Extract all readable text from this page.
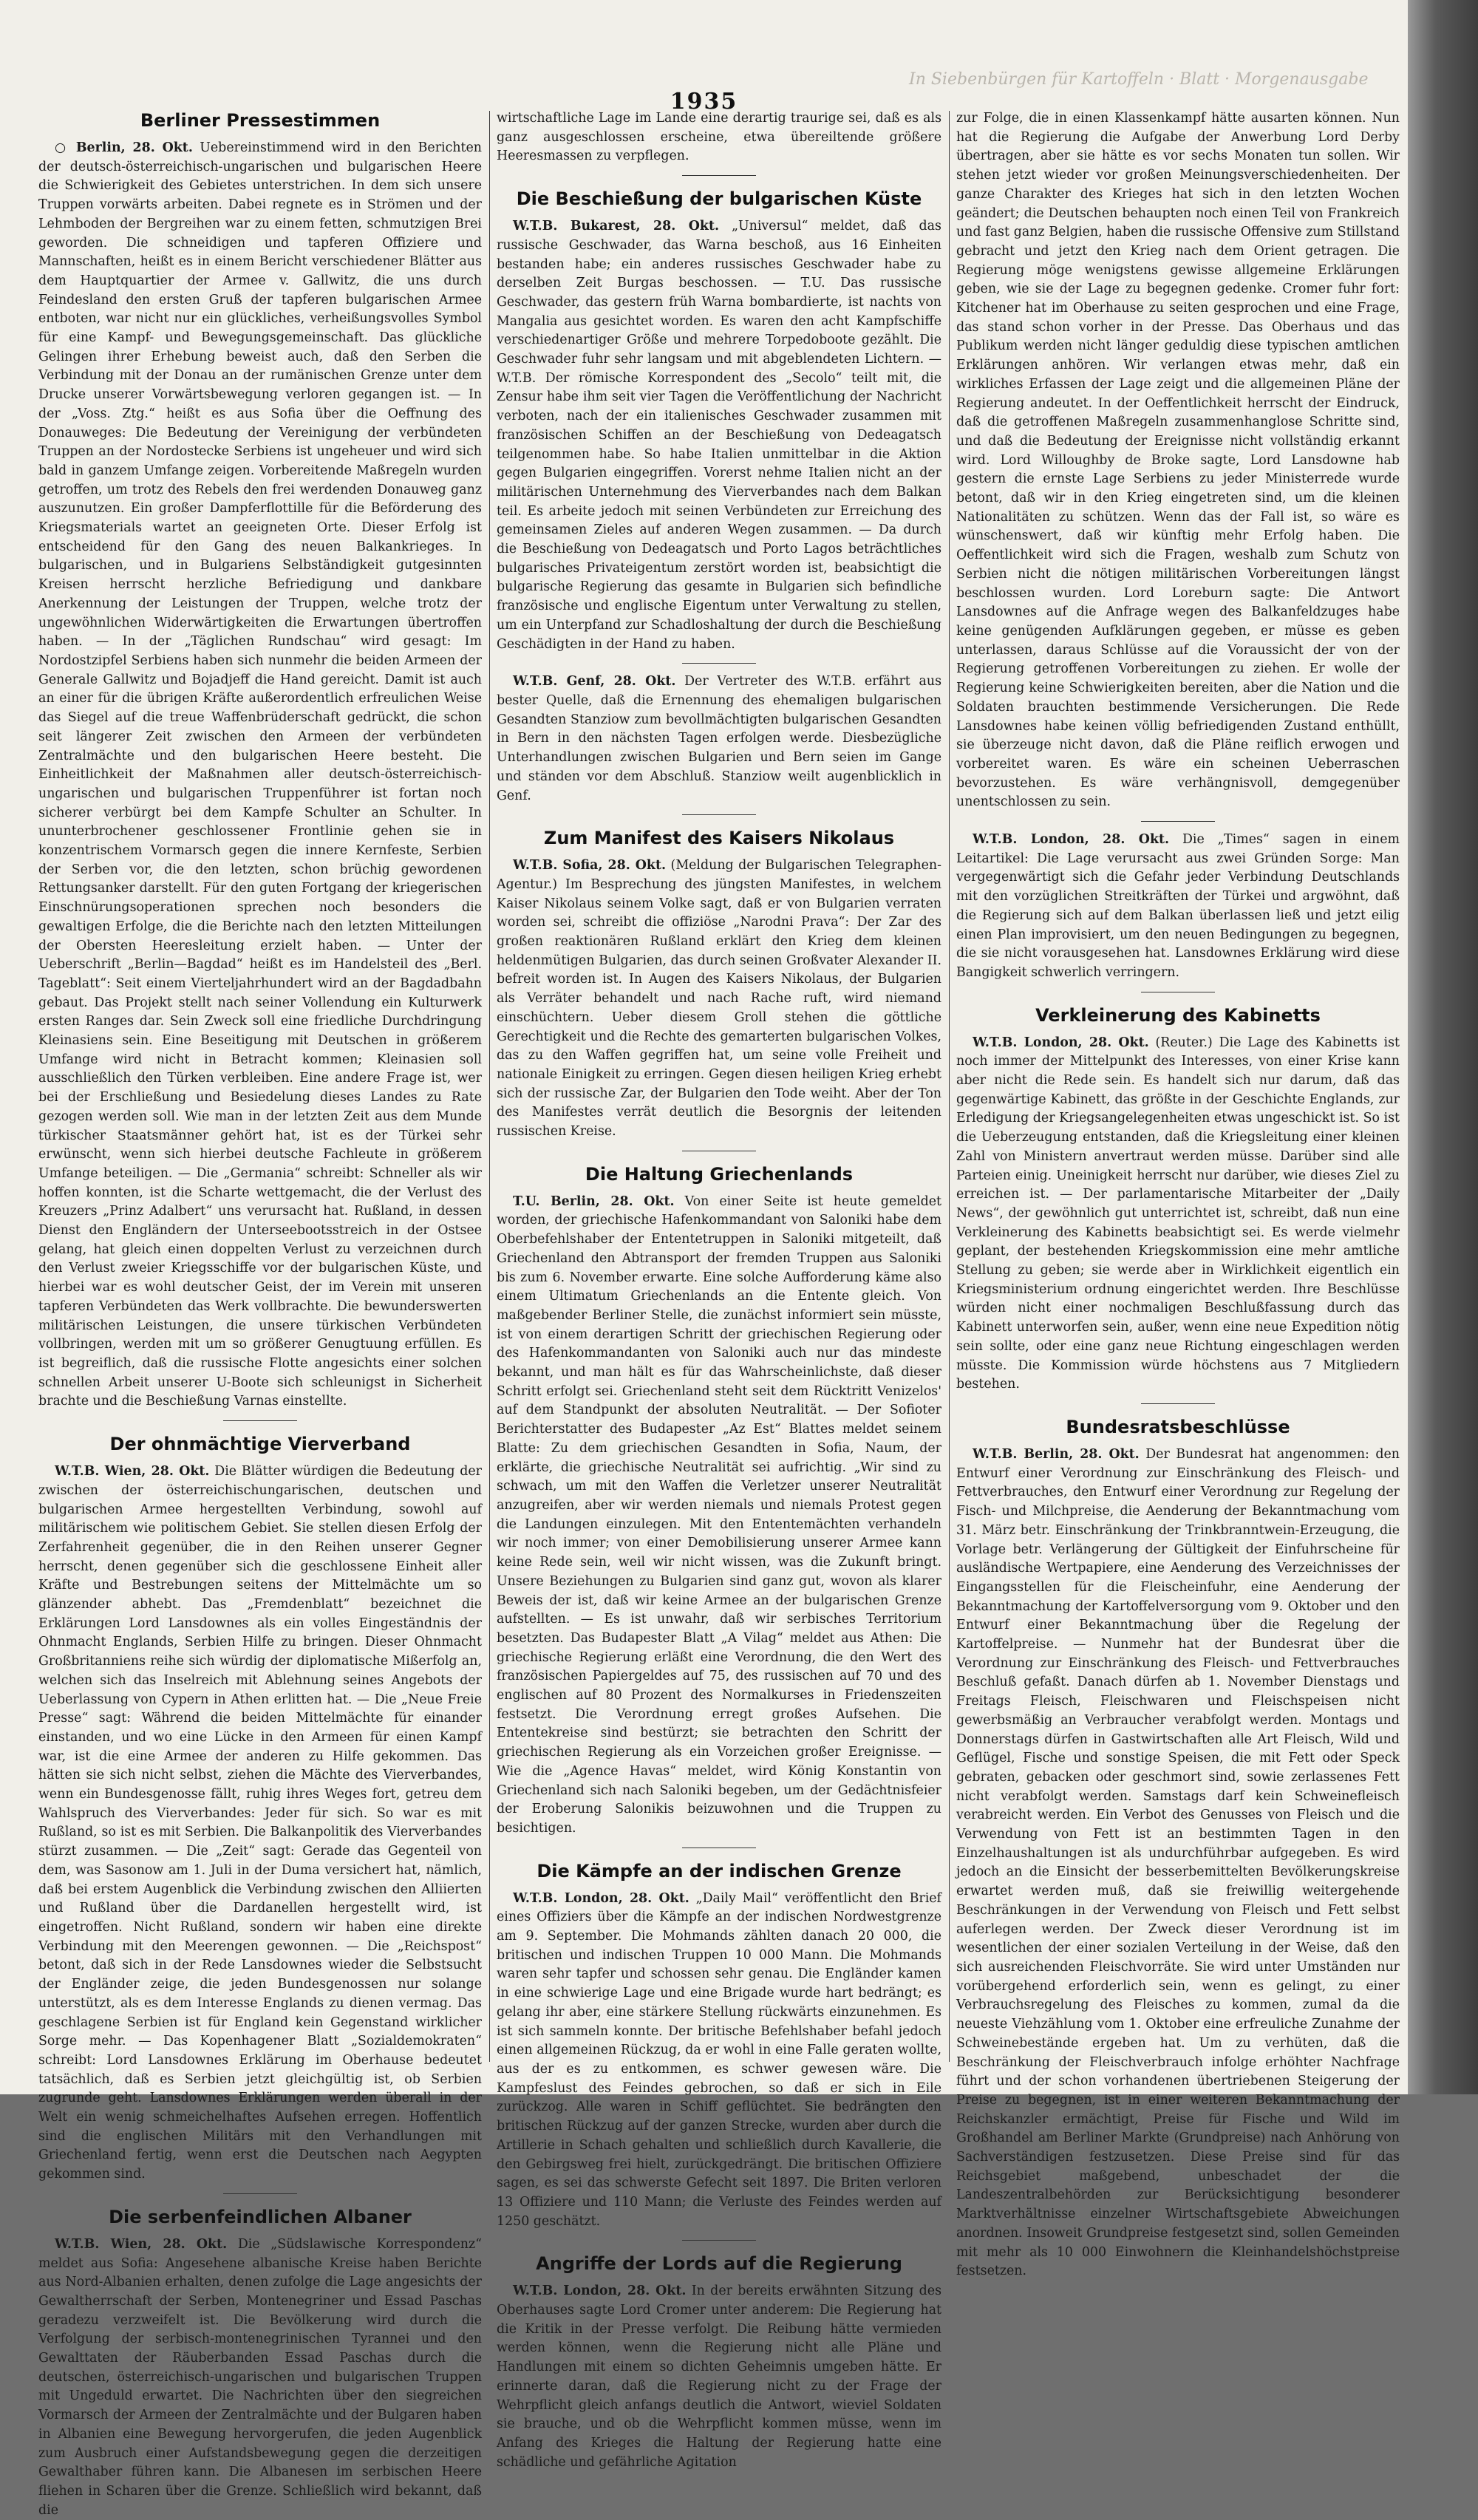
In Siebenbürgen für Kartoffeln · Blatt · Morgenausgabe
1935
Berliner Pressestimmen

○ Berlin, 28. Okt. Uebereinstimmend wird in den Berichten der deutsch-österreichisch-ungarischen und bulgarischen Heere die Schwierigkeit des Gebietes unterstrichen. In dem sich unsere Truppen vorwärts arbeiten. Dabei regnete es in Strömen und der Lehmboden der Bergreihen war zu einem fetten, schmutzigen Brei geworden. Die schneidigen und tapferen Offiziere und Mannschaften, heißt es in einem Bericht verschiedener Blätter aus dem Hauptquartier der Armee v. Gallwitz, die uns durch Feindesland den ersten Gruß der tapferen bulgarischen Armee entboten, war nicht nur ein glückliches, verheißungsvolles Symbol für eine Kampf- und Bewegungsgemeinschaft. Das glückliche Gelingen ihrer Erhebung beweist auch, daß den Serben die Verbindung mit der Donau an der rumänischen Grenze unter dem Drucke unserer Vorwärtsbewegung verloren gegangen ist. — In der „Voss. Ztg.“ heißt es aus Sofia über die Oeffnung des Donauweges: Die Bedeutung der Vereinigung der verbündeten Truppen an der Nordostecke Serbiens ist ungeheuer und wird sich bald in ganzem Umfange zeigen. Vorbereitende Maßregeln wurden getroffen, um trotz des Rebels den frei werdenden Donauweg ganz auszunutzen. Ein großer Dampferflottille für die Beförderung des Kriegsmaterials wartet an geeigneten Orte. Dieser Erfolg ist entscheidend für den Gang des neuen Balkankrieges. In bulgarischen, und in Bulgariens Selbständigkeit gutgesinnten Kreisen herrscht herzliche Befriedigung und dankbare Anerkennung der Leistungen der Truppen, welche trotz der ungewöhnlichen Widerwärtigkeiten die Erwartungen übertroffen haben. — In der „Täglichen Rundschau“ wird gesagt: Im Nordostzipfel Serbiens haben sich nunmehr die beiden Armeen der Generale Gallwitz und Bojadjeff die Hand gereicht. Damit ist auch an einer für die übrigen Kräfte außerordentlich erfreulichen Weise das Siegel auf die treue Waffenbrüderschaft gedrückt, die schon seit längerer Zeit zwischen den Armeen der verbündeten Zentralmächte und den bulgarischen Heere besteht. Die Einheitlichkeit der Maßnahmen aller deutsch-österreichisch-ungarischen und bulgarischen Truppenführer ist fortan noch sicherer verbürgt bei dem Kampfe Schulter an Schulter. In ununterbrochener geschlossener Frontlinie gehen sie in konzentrischem Vormarsch gegen die innere Kernfeste, Serbien der Serben vor, die den letzten, schon brüchig gewordenen Rettungsanker darstellt. Für den guten Fortgang der kriegerischen Einschnürungsoperationen sprechen noch besonders die gewaltigen Erfolge, die die Berichte nach den letzten Mitteilungen der Obersten Heeresleitung erzielt haben. — Unter der Ueberschrift „Berlin—Bagdad“ heißt es im Handelsteil des „Berl. Tageblatt“: Seit einem Vierteljahrhundert wird an der Bagdadbahn gebaut. Das Projekt stellt nach seiner Vollendung ein Kulturwerk ersten Ranges dar. Sein Zweck soll eine friedliche Durchdringung Kleinasiens sein. Eine Beseitigung mit Deutschen in größerem Umfange wird nicht in Betracht kommen; Kleinasien soll ausschließlich den Türken verbleiben. Eine andere Frage ist, wer bei der Erschließung und Besiedelung dieses Landes zu Rate gezogen werden soll. Wie man in der letzten Zeit aus dem Munde türkischer Staatsmänner gehört hat, ist es der Türkei sehr erwünscht, wenn sich hierbei deutsche Fachleute in größerem Umfange beteiligen. — Die „Germania“ schreibt: Schneller als wir hoffen konnten, ist die Scharte wettgemacht, die der Verlust des Kreuzers „Prinz Adalbert“ uns verursacht hat. Rußland, in dessen Dienst den Engländern der Unterseebootsstreich in der Ostsee gelang, hat gleich einen doppelten Verlust zu verzeichnen durch den Verlust zweier Kriegsschiffe vor der bulgarischen Küste, und hierbei war es wohl deutscher Geist, der im Verein mit unseren tapferen Verbündeten das Werk vollbrachte. Die bewunderswerten militärischen Leistungen, die unsere türkischen Verbündeten vollbringen, werden mit um so größerer Genugtuung erfüllen. Es ist begreiflich, daß die russische Flotte angesichts einer solchen schnellen Arbeit unserer U-Boote sich schleunigst in Sicherheit brachte und die Beschießung Varnas einstellte.

Der ohnmächtige Vierverband

W.T.B. Wien, 28. Okt. Die Blätter würdigen die Bedeutung der zwischen der österreichischungarischen, deutschen und bulgarischen Armee hergestellten Verbindung, sowohl auf militärischem wie politischem Gebiet. Sie stellen diesen Erfolg der Zerfahrenheit gegenüber, die in den Reihen unserer Gegner herrscht, denen gegenüber sich die geschlossene Einheit aller Kräfte und Bestrebungen seitens der Mittelmächte um so glänzender abhebt. Das „Fremdenblatt“ bezeichnet die Erklärungen Lord Lansdownes als ein volles Eingeständnis der Ohnmacht Englands, Serbien Hilfe zu bringen. Dieser Ohnmacht Großbritanniens reihe sich würdig der diplomatische Mißerfolg an, welchen sich das Inselreich mit Ablehnung seines Angebots der Ueberlassung von Cypern in Athen erlitten hat. — Die „Neue Freie Presse“ sagt: Während die beiden Mittelmächte für einander einstanden, und wo eine Lücke in den Armeen für einen Kampf war, ist die eine Armee der anderen zu Hilfe gekommen. Das hätten sie sich nicht selbst, ziehen die Mächte des Vierverbandes, wenn ein Bundesgenosse fällt, ruhig ihres Weges fort, getreu dem Wahlspruch des Vierverbandes: Jeder für sich. So war es mit Rußland, so ist es mit Serbien. Die Balkanpolitik des Vierverbandes stürzt zusammen. — Die „Zeit“ sagt: Gerade das Gegenteil von dem, was Sasonow am 1. Juli in der Duma versichert hat, nämlich, daß bei erstem Augenblick die Verbindung zwischen den Alliierten und Rußland über die Dardanellen hergestellt wird, ist eingetroffen. Nicht Rußland, sondern wir haben eine direkte Verbindung mit den Meerengen gewonnen. — Die „Reichspost“ betont, daß sich in der Rede Lansdownes wieder die Selbstsucht der Engländer zeige, die jeden Bundesgenossen nur solange unterstützt, als es dem Interesse Englands zu dienen vermag. Das geschlagene Serbien ist für England kein Gegenstand wirklicher Sorge mehr. — Das Kopenhagener Blatt „Sozialdemokraten“ schreibt: Lord Lansdownes Erklärung im Oberhause bedeutet tatsächlich, daß es Serbien jetzt gleichgültig ist, ob Serbien zugrunde geht. Lansdownes Erklärungen werden überall in der Welt ein wenig schmeichelhaftes Aufsehen erregen. Hoffentlich sind die englischen Militärs mit den Verhandlungen mit Griechenland fertig, wenn erst die Deutschen nach Aegypten gekommen sind.

Die serbenfeindlichen Albaner

W.T.B. Wien, 28. Okt. Die „Südslawische Korrespondenz“ meldet aus Sofia: Angesehene albanische Kreise haben Berichte aus Nord-Albanien erhalten, denen zufolge die Lage angesichts der Gewaltherrschaft der Serben, Montenegriner und Essad Paschas geradezu verzweifelt ist. Die Bevölkerung wird durch die Verfolgung der serbisch-montenegrinischen Tyrannei und den Gewalttaten der Räuberbanden Essad Paschas durch die deutschen, österreichisch-ungarischen und bulgarischen Truppen mit Ungeduld erwartet. Die Nachrichten über den siegreichen Vormarsch der Armeen der Zentralmächte und der Bulgaren haben in Albanien eine Bewegung hervorgerufen, die jeden Augenblick zum Ausbruch einer Aufstandsbewegung gegen die derzeitigen Gewalthaber führen kann. Die Albanesen im serbischen Heere fliehen in Scharen über die Grenze. Schließlich wird bekannt, daß die

wirtschaftliche Lage im Lande eine derartig traurige sei, daß es als ganz ausgeschlossen erscheine, etwa übereiltende größere Heeresmassen zu verpflegen.

Die Beschießung der bulgarischen Küste

W.T.B. Bukarest, 28. Okt. „Universul“ meldet, daß das russische Geschwader, das Warna beschoß, aus 16 Einheiten bestanden habe; ein anderes russisches Geschwader habe zu derselben Zeit Burgas beschossen. — T.U. Das russische Geschwader, das gestern früh Warna bombardierte, ist nachts von Mangalia aus gesichtet worden. Es waren den acht Kampfschiffe verschiedenartiger Größe und mehrere Torpedoboote gezählt. Die Geschwader fuhr sehr langsam und mit abgeblendeten Lichtern. — W.T.B. Der römische Korrespondent des „Secolo“ teilt mit, die Zensur habe ihm seit vier Tagen die Veröffentlichung der Nachricht verboten, nach der ein italienisches Geschwader zusammen mit französischen Schiffen an der Beschießung von Dedeagatsch teilgenommen habe. So habe Italien unmittelbar in die Aktion gegen Bulgarien eingegriffen. Vorerst nehme Italien nicht an der militärischen Unternehmung des Vierverbandes nach dem Balkan teil. Es arbeite jedoch mit seinen Verbündeten zur Erreichung des gemeinsamen Zieles auf anderen Wegen zusammen. — Da durch die Beschießung von Dedeagatsch und Porto Lagos beträchtliches bulgarisches Privateigentum zerstört worden ist, beabsichtigt die bulgarische Regierung das gesamte in Bulgarien sich befindliche französische und englische Eigentum unter Verwaltung zu stellen, um ein Unterpfand zur Schadloshaltung der durch die Beschießung Geschädigten in der Hand zu haben.

W.T.B. Genf, 28. Okt. Der Vertreter des W.T.B. erfährt aus bester Quelle, daß die Ernennung des ehemaligen bulgarischen Gesandten Stanziow zum bevollmächtigten bulgarischen Gesandten in Bern in den nächsten Tagen erfolgen werde. Diesbezügliche Unterhandlungen zwischen Bulgarien und Bern seien im Gange und ständen vor dem Abschluß. Stanziow weilt augenblicklich in Genf.

Zum Manifest des Kaisers Nikolaus

W.T.B. Sofia, 28. Okt. (Meldung der Bulgarischen Telegraphen-Agentur.) Im Besprechung des jüngsten Manifestes, in welchem Kaiser Nikolaus seinem Volke sagt, daß er von Bulgarien verraten worden sei, schreibt die offiziöse „Narodni Prava“: Der Zar des großen reaktionären Rußland erklärt den Krieg dem kleinen heldenmütigen Bulgarien, das durch seinen Großvater Alexander II. befreit worden ist. In Augen des Kaisers Nikolaus, der Bulgarien als Verräter behandelt und nach Rache ruft, wird niemand einschüchtern. Ueber diesem Groll stehen die göttliche Gerechtigkeit und die Rechte des gemarterten bulgarischen Volkes, das zu den Waffen gegriffen hat, um seine volle Freiheit und nationale Einigkeit zu erringen. Gegen diesen heiligen Krieg erhebt sich der russische Zar, der Bulgarien den Tode weiht. Aber der Ton des Manifestes verrät deutlich die Besorgnis der leitenden russischen Kreise.

Die Haltung Griechenlands

T.U. Berlin, 28. Okt. Von einer Seite ist heute gemeldet worden, der griechische Hafenkommandant von Saloniki habe dem Oberbefehlshaber der Ententetruppen in Saloniki mitgeteilt, daß Griechenland den Abtransport der fremden Truppen aus Saloniki bis zum 6. November erwarte. Eine solche Aufforderung käme also einem Ultimatum Griechenlands an die Entente gleich. Von maßgebender Berliner Stelle, die zunächst informiert sein müsste, ist von einem derartigen Schritt der griechischen Regierung oder des Hafenkommandanten von Saloniki auch nur das mindeste bekannt, und man hält es für das Wahrscheinlichste, daß dieser Schritt erfolgt sei. Griechenland steht seit dem Rücktritt Venizelos' auf dem Standpunkt der absoluten Neutralität. — Der Sofioter Berichterstatter des Budapester „Az Est“ Blattes meldet seinem Blatte: Zu dem griechischen Gesandten in Sofia, Naum, der erklärte, die griechische Neutralität sei aufrichtig. „Wir sind zu schwach, um mit den Waffen die Verletzer unserer Neutralität anzugreifen, aber wir werden niemals und niemals Protest gegen die Landungen einzulegen. Mit den Ententemächten verhandeln wir noch immer; von einer Demobilisierung unserer Armee kann keine Rede sein, weil wir nicht wissen, was die Zukunft bringt. Unsere Beziehungen zu Bulgarien sind ganz gut, wovon als klarer Beweis der ist, daß wir keine Armee an der bulgarischen Grenze aufstellten. — Es ist unwahr, daß wir serbisches Territorium besetzten. Das Budapester Blatt „A Vilag“ meldet aus Athen: Die griechische Regierung erläßt eine Verordnung, die den Wert des französischen Papiergeldes auf 75, des russischen auf 70 und des englischen auf 80 Prozent des Normalkurses in Friedenszeiten festsetzt. Die Verordnung erregt großes Aufsehen. Die Ententekreise sind bestürzt; sie betrachten den Schritt der griechischen Regierung als ein Vorzeichen großer Ereignisse. — Wie die „Agence Havas“ meldet, wird König Konstantin von Griechenland sich nach Saloniki begeben, um der Gedächtnisfeier der Eroberung Salonikis beizuwohnen und die Truppen zu besichtigen.

Die Kämpfe an der indischen Grenze

W.T.B. London, 28. Okt. „Daily Mail“ veröffentlicht den Brief eines Offiziers über die Kämpfe an der indischen Nordwestgrenze am 9. September. Die Mohmands zählten danach 20 000, die britischen und indischen Truppen 10 000 Mann. Die Mohmands waren sehr tapfer und schossen sehr genau. Die Engländer kamen in eine schwierige Lage und eine Brigade wurde hart bedrängt; es gelang ihr aber, eine stärkere Stellung rückwärts einzunehmen. Es ist sich sammeln konnte. Der britische Befehlshaber befahl jedoch einen allgemeinen Rückzug, da er wohl in eine Falle geraten wollte, aus der es zu entkommen, es schwer gewesen wäre. Die Kampfeslust des Feindes gebrochen, so daß er sich in Eile zurückzog. Alle waren in Schiff geflüchtet. Sie bedrängten den britischen Rückzug auf der ganzen Strecke, wurden aber durch die Artillerie in Schach gehalten und schließlich durch Kavallerie, die den Gebirgsweg frei hielt, zurückgedrängt. Die britischen Offiziere sagen, es sei das schwerste Gefecht seit 1897. Die Briten verloren 13 Offiziere und 110 Mann; die Verluste des Feindes werden auf 1250 geschätzt.

Angriffe der Lords auf die Regierung

W.T.B. London, 28. Okt. In der bereits erwähnten Sitzung des Oberhauses sagte Lord Cromer unter anderem: Die Regierung hat die Kritik in der Presse verfolgt. Die Reibung hätte vermieden werden können, wenn die Regierung nicht alle Pläne und Handlungen mit einem so dichten Geheimnis umgeben hätte. Er erinnerte daran, daß die Regierung nicht zu der Frage der Wehrpflicht gleich anfangs deutlich die Antwort, wieviel Soldaten sie brauche, und ob die Wehrpflicht kommen müsse, wenn im Anfang des Krieges die Haltung der Regierung hatte eine schädliche und gefährliche Agitation

zur Folge, die in einen Klassenkampf hätte ausarten können. Nun hat die Regierung die Aufgabe der Anwerbung Lord Derby übertragen, aber sie hätte es vor sechs Monaten tun sollen. Wir stehen jetzt wieder vor großen Meinungsverschiedenheiten. Der ganze Charakter des Krieges hat sich in den letzten Wochen geändert; die Deutschen behaupten noch einen Teil von Frankreich und fast ganz Belgien, haben die russische Offensive zum Stillstand gebracht und jetzt den Krieg nach dem Orient getragen. Die Regierung möge wenigstens gewisse allgemeine Erklärungen geben, wie sie der Lage zu begegnen gedenke. Cromer fuhr fort: Kitchener hat im Oberhause zu seiten gesprochen und eine Frage, das stand schon vorher in der Presse. Das Oberhaus und das Publikum werden nicht länger geduldig diese typischen amtlichen Erklärungen anhören. Wir verlangen etwas mehr, daß ein wirkliches Erfassen der Lage zeigt und die allgemeinen Pläne der Regierung andeutet. In der Oeffentlichkeit herrscht der Eindruck, daß die getroffenen Maßregeln zusammenhanglose Schritte sind, und daß die Bedeutung der Ereignisse nicht vollständig erkannt wird. Lord Willoughby de Broke sagte, Lord Lansdowne hab gestern die ernste Lage Serbiens zu jeder Ministerrede wurde betont, daß wir in den Krieg eingetreten sind, um die kleinen Nationalitäten zu schützen. Wenn das der Fall ist, so wäre es wünschenswert, daß wir künftig mehr Erfolg haben. Die Oeffentlichkeit wird sich die Fragen, weshalb zum Schutz von Serbien nicht die nötigen militärischen Vorbereitungen längst beschlossen wurden. Lord Loreburn sagte: Die Antwort Lansdownes auf die Anfrage wegen des Balkanfeldzuges habe keine genügenden Aufklärungen gegeben, er müsse es geben unterlassen, daraus Schlüsse auf die Voraussicht der von der Regierung getroffenen Vorbereitungen zu ziehen. Er wolle der Regierung keine Schwierigkeiten bereiten, aber die Nation und die Soldaten brauchten bestimmende Versicherungen. Die Rede Lansdownes habe keinen völlig befriedigenden Zustand enthüllt, sie überzeuge nicht davon, daß die Pläne reiflich erwogen und vorbereitet waren. Es wäre ein scheinen Ueberraschen bevorzustehen. Es wäre verhängnisvoll, demgegenüber unentschlossen zu sein.

W.T.B. London, 28. Okt. Die „Times“ sagen in einem Leitartikel: Die Lage verursacht aus zwei Gründen Sorge: Man vergegenwärtigt sich die Gefahr jeder Verbindung Deutschlands mit den vorzüglichen Streitkräften der Türkei und argwöhnt, daß die Regierung sich auf dem Balkan überlassen ließ und jetzt eilig einen Plan improvisiert, um den neuen Bedingungen zu begegnen, die sie nicht vorausgesehen hat. Lansdownes Erklärung wird diese Bangigkeit schwerlich verringern.

Verkleinerung des Kabinetts

W.T.B. London, 28. Okt. (Reuter.) Die Lage des Kabinetts ist noch immer der Mittelpunkt des Interesses, von einer Krise kann aber nicht die Rede sein. Es handelt sich nur darum, daß das gegenwärtige Kabinett, das größte in der Geschichte Englands, zur Erledigung der Kriegsangelegenheiten etwas ungeschickt ist. So ist die Ueberzeugung entstanden, daß die Kriegsleitung einer kleinen Zahl von Ministern anvertraut werden müsse. Darüber sind alle Parteien einig. Uneinigkeit herrscht nur darüber, wie dieses Ziel zu erreichen ist. — Der parlamentarische Mitarbeiter der „Daily News“, der gewöhnlich gut unterrichtet ist, schreibt, daß nun eine Verkleinerung des Kabinetts beabsichtigt sei. Es werde vielmehr geplant, der bestehenden Kriegskommission eine mehr amtliche Stellung zu geben; sie werde aber in Wirklichkeit eigentlich ein Kriegsministerium ordnung eingerichtet werden. Ihre Beschlüsse würden nicht einer nochmaligen Beschlußfassung durch das Kabinett unterworfen sein, außer, wenn eine neue Expedition nötig sein sollte, oder eine ganz neue Richtung eingeschlagen werden müsste. Die Kommission würde höchstens aus 7 Mitgliedern bestehen.

Bundesratsbeschlüsse

W.T.B. Berlin, 28. Okt. Der Bundesrat hat angenommen: den Entwurf einer Verordnung zur Einschränkung des Fleisch- und Fettverbrauches, den Entwurf einer Verordnung zur Regelung der Fisch- und Milchpreise, die Aenderung der Bekanntmachung vom 31. März betr. Einschränkung der Trinkbranntwein-Erzeugung, die Vorlage betr. Verlängerung der Gültigkeit der Einfuhrscheine für ausländische Wertpapiere, eine Aenderung des Verzeichnisses der Eingangsstellen für die Fleischeinfuhr, eine Aenderung der Bekanntmachung der Kartoffelversorgung vom 9. Oktober und den Entwurf einer Bekanntmachung über die Regelung der Kartoffelpreise. — Nunmehr hat der Bundesrat über die Verordnung zur Einschränkung des Fleisch- und Fettverbrauches Beschluß gefaßt. Danach dürfen ab 1. November Dienstags und Freitags Fleisch, Fleischwaren und Fleischspeisen nicht gewerbsmäßig an Verbraucher verabfolgt werden. Montags und Donnerstags dürfen in Gastwirtschaften alle Art Fleisch, Wild und Geflügel, Fische und sonstige Speisen, die mit Fett oder Speck gebraten, gebacken oder geschmort sind, sowie zerlassenes Fett nicht verabfolgt werden. Samstags darf kein Schweinefleisch verabreicht werden. Ein Verbot des Genusses von Fleisch und die Verwendung von Fett ist an bestimmten Tagen in den Einzelhaushaltungen ist als undurchführbar aufgegeben. Es wird jedoch an die Einsicht der besserbemittelten Bevölkerungskreise erwartet werden muß, daß sie freiwillig weitergehende Beschränkungen in der Verwendung von Fleisch und Fett selbst auferlegen werden. Der Zweck dieser Verordnung ist im wesentlichen der einer sozialen Verteilung in der Weise, daß den sich ausreichenden Fleischvorräte. Sie wird unter Umständen nur vorübergehend erforderlich sein, wenn es gelingt, zu einer Verbrauchsregelung des Fleisches zu kommen, zumal da die neueste Viehzählung vom 1. Oktober eine erfreuliche Zunahme der Schweinebestände ergeben hat. Um zu verhüten, daß die Beschränkung der Fleischverbrauch infolge erhöhter Nachfrage führt und der schon vorhandenen übertriebenen Steigerung der Preise zu begegnen, ist in einer weiteren Bekanntmachung der Reichskanzler ermächtigt, Preise für Fische und Wild im Großhandel am Berliner Markte (Grundpreise) nach Anhörung von Sachverständigen festzusetzen. Diese Preise sind für das Reichsgebiet maßgebend, unbeschadet der die Landeszentralbehörden zur Berücksichtigung besonderer Marktverhältnisse einzelner Wirtschaftsgebiete Abweichungen anordnen. Insoweit Grundpreise festgesetzt sind, sollen Gemeinden mit mehr als 10 000 Einwohnern die Kleinhandelshöchstpreise festsetzen.
